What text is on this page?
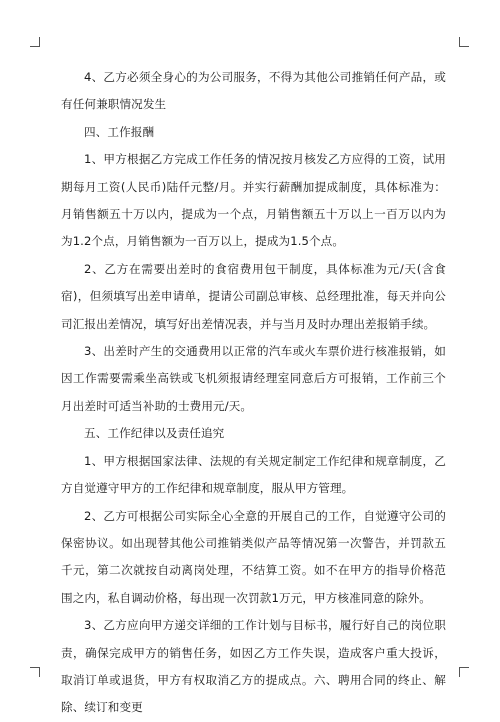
4、乙方必须全身心的为公司服务，不得为其他公司推销任何产品，或有任何兼职情况发生

四、工作报酬

1、甲方根据乙方完成工作任务的情况按月核发乙方应得的工资，试用期每月工资(人民币)陆仟元整/月。并实行薪酬加提成制度，具体标准为：月销售额五十万以内，提成为一个点，月销售额五十万以上一百万以内为为1.2个点，月销售额为一百万以上，提成为1.5个点。

2、乙方在需要出差时的食宿费用包干制度，具体标准为元/天(含食宿)，但须填写出差申请单，提请公司副总审核、总经理批准，每天并向公司汇报出差情况，填写好出差情况表，并与当月及时办理出差报销手续。

3、出差时产生的交通费用以正常的汽车或火车票价进行核准报销，如因工作需要需乘坐高铁或飞机须报请经理室同意后方可报销，工作前三个月出差时可适当补助的士费用元/天。

五、工作纪律以及责任追究

1、甲方根据国家法律、法规的有关规定制定工作纪律和规章制度，乙方自觉遵守甲方的工作纪律和规章制度，服从甲方管理。

2、乙方可根据公司实际全心全意的开展自己的工作，自觉遵守公司的保密协议。如出现替其他公司推销类似产品等情况第一次警告，并罚款五千元，第二次就按自动离岗处理，不结算工资。如不在甲方的指导价格范围之内，私自调动价格，每出现一次罚款1万元，甲方核准同意的除外。

3、乙方应向甲方递交详细的工作计划与目标书，履行好自己的岗位职责，确保完成甲方的销售任务，如因乙方工作失误，造成客户重大投诉，取消订单或退货，甲方有权取消乙方的提成点。六、聘用合同的终止、解除、续订和变更
